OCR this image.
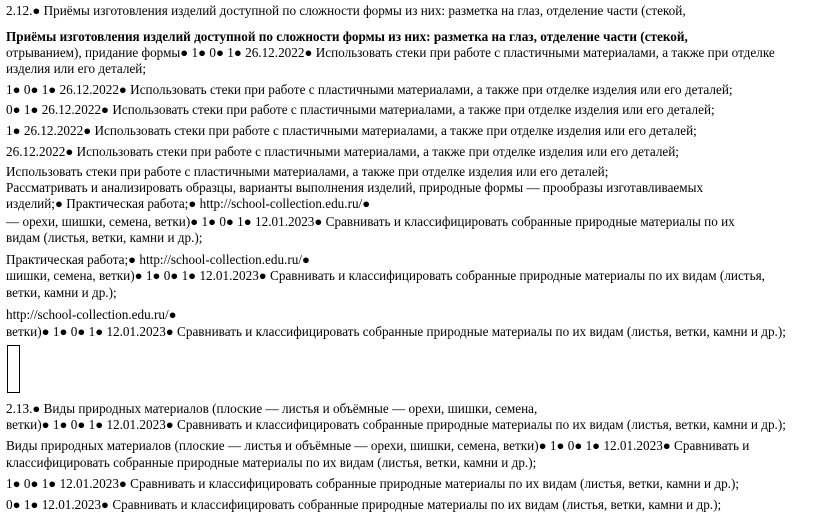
2.12.● Приёмы изготовления изделий доступной по сложности формы из них: разметка на глаз, отделение части (стекой,
Приёмы изготовления изделий доступной по сложности формы из них: разметка на глаз, отделение части (стекой,
отрыванием), придание формы● 1● 0● 1● 26.12.2022● Использовать стеки при работе с пластичными материалами, а также при отделке
изделия или его деталей;
1● 0● 1● 26.12.2022● Использовать стеки при работе с пластичными материалами, а также при отделке изделия или его деталей;
0● 1● 26.12.2022● Использовать стеки при работе с пластичными материалами, а также при отделке изделия или его деталей;
1● 26.12.2022● Использовать стеки при работе с пластичными материалами, а также при отделке изделия или его деталей;
26.12.2022● Использовать стеки при работе с пластичными материалами, а также при отделке изделия или его деталей;
Использовать стеки при работе с пластичными материалами, а также при отделке изделия или его деталей;
Рассматривать и анализировать образцы, варианты выполнения изделий, природные формы — прообразы изготавливаемых
изделий;● Практическая работа;● http://school-collection.edu.ru/●
— орехи, шишки, семена, ветки)● 1● 0● 1● 12.01.2023● Сравнивать и классифицировать собранные природные материалы по их
видам (листья, ветки, камни и др.);
Практическая работа;● http://school-collection.edu.ru/●
шишки, семена, ветки)● 1● 0● 1● 12.01.2023● Сравнивать и классифицировать собранные природные материалы по их видам (листья,
ветки, камни и др.);
http://school-collection.edu.ru/●
ветки)● 1● 0● 1● 12.01.2023● Сравнивать и классифицировать собранные природные материалы по их видам (листья, ветки, камни и др.);
2.13.● Виды природных материалов (плоские — листья и объёмные — орехи, шишки, семена,
ветки)● 1● 0● 1● 12.01.2023● Сравнивать и классифицировать собранные природные материалы по их видам (листья, ветки, камни и др.);
Виды природных материалов (плоские — листья и объёмные — орехи, шишки, семена, ветки)● 1● 0● 1● 12.01.2023● Сравнивать и
классифицировать собранные природные материалы по их видам (листья, ветки, камни и др.);
1● 0● 1● 12.01.2023● Сравнивать и классифицировать собранные природные материалы по их видам (листья, ветки, камни и др.);
0● 1● 12.01.2023● Сравнивать и классифицировать собранные природные материалы по их видам (листья, ветки, камни и др.);
